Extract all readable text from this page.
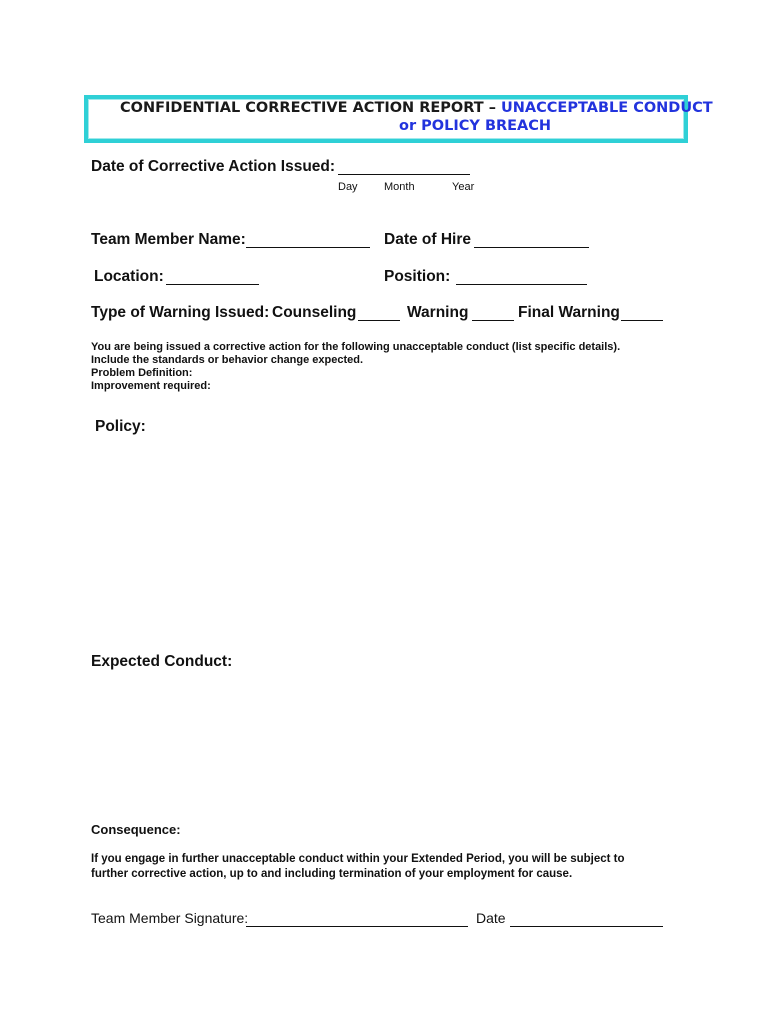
CONFIDENTIAL CORRECTIVE ACTION REPORT – UNACCEPTABLE CONDUCT
or POLICY BREACH
Date of Corrective Action Issued:
Day Month	Year
Team Member Name:	Date of Hire
Location:	Position:
Type of Warning Issued: Counseling	Warning	Final Warning
You are being issued a corrective action for the following unacceptable conduct (list specific details).
Include the standards or behavior change expected.
Problem Definition:
Improvement required:
Policy:
Expected Conduct:
Consequence:
If you engage in further unacceptable conduct within your Extended Period, you will be subject to
further corrective action, up to and including termination of your employment for cause.
Team Member Signature:	Date
